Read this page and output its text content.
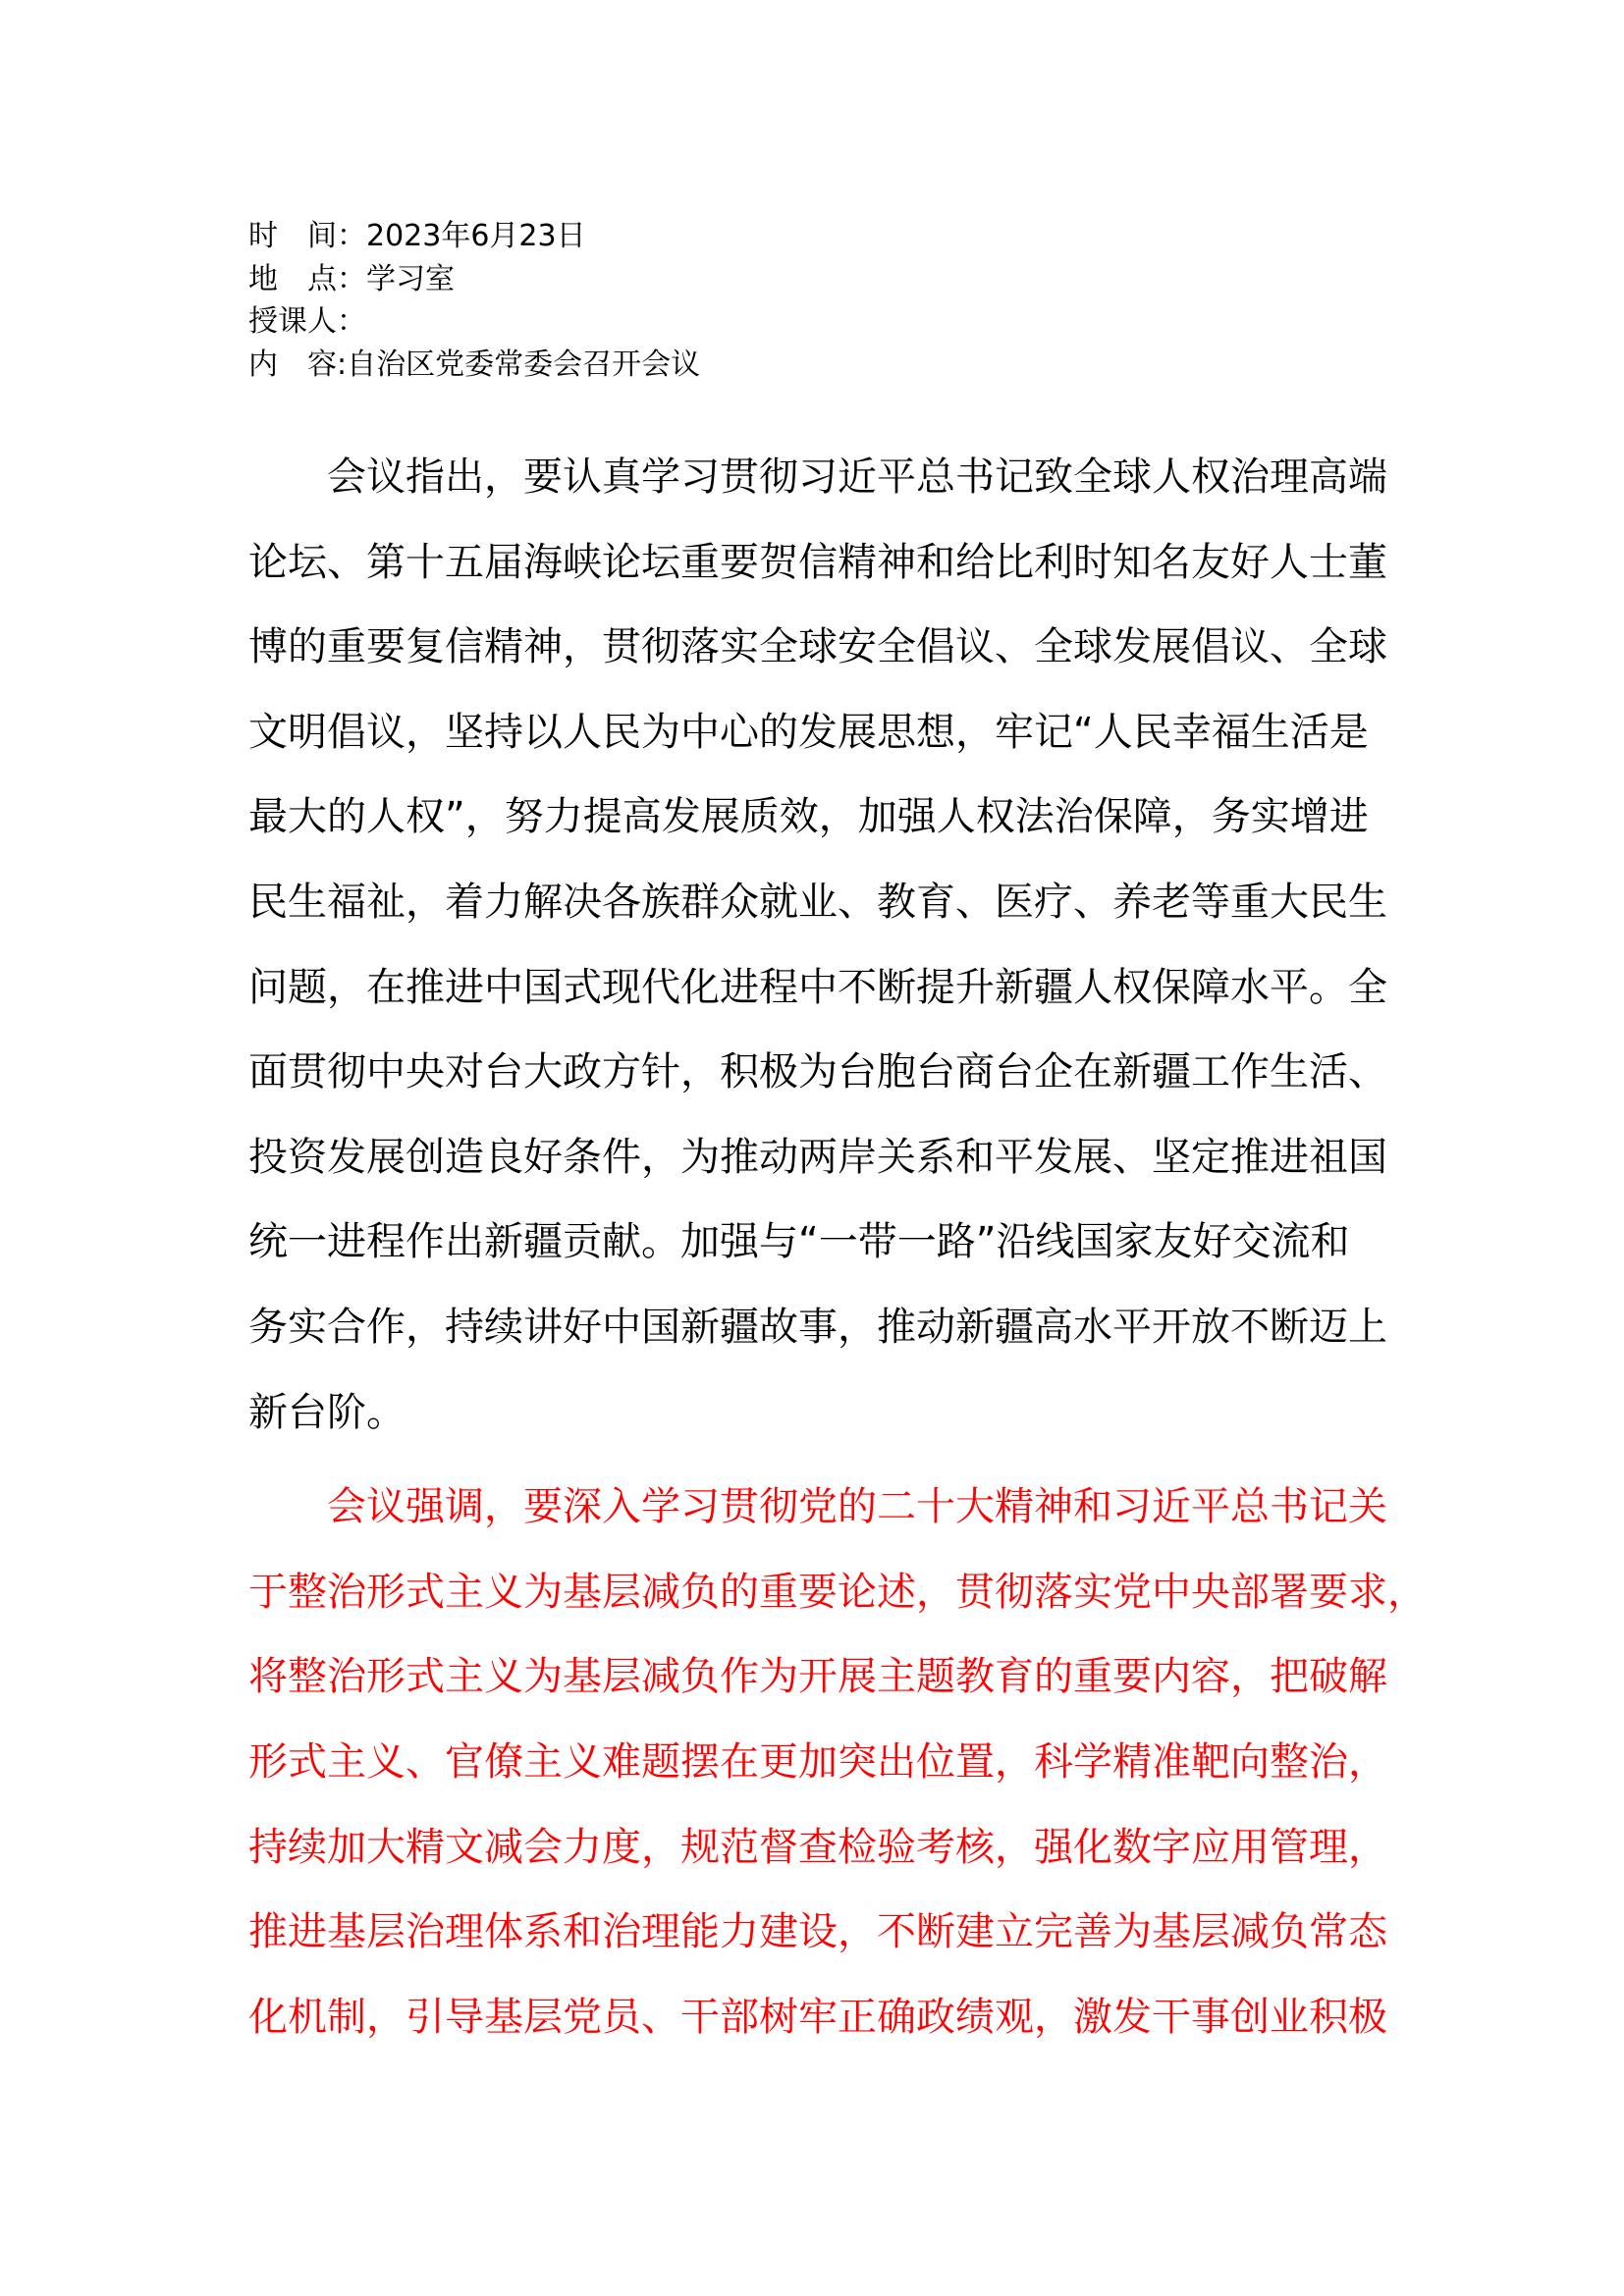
时　间：2023年6月23日
地　点：学习室
授课人：
内　容:自治区党委常委会召开会议
会议指出，要认真学习贯彻习近平总书记致全球人权治理高端
论坛、第十五届海峡论坛重要贺信精神和给比利时知名友好人士董
博的重要复信精神，贯彻落实全球安全倡议、全球发展倡议、全球
文明倡议，坚持以人民为中心的发展思想，牢记“人民幸福生活是
最大的人权”，努力提高发展质效，加强人权法治保障，务实增进
民生福祉，着力解决各族群众就业、教育、医疗、养老等重大民生
问题，在推进中国式现代化进程中不断提升新疆人权保障水平。全
面贯彻中央对台大政方针，积极为台胞台商台企在新疆工作生活、
投资发展创造良好条件，为推动两岸关系和平发展、坚定推进祖国
统一进程作出新疆贡献。加强与“一带一路”沿线国家友好交流和
务实合作，持续讲好中国新疆故事，推动新疆高水平开放不断迈上
新台阶。
会议强调，要深入学习贯彻党的二十大精神和习近平总书记关
于整治形式主义为基层减负的重要论述，贯彻落实党中央部署要求，
将整治形式主义为基层减负作为开展主题教育的重要内容，把破解
形式主义、官僚主义难题摆在更加突出位置，科学精准靶向整治，
持续加大精文减会力度，规范督查检验考核，强化数字应用管理，
推进基层治理体系和治理能力建设，不断建立完善为基层减负常态
化机制，引导基层党员、干部树牢正确政绩观，激发干事创业积极
